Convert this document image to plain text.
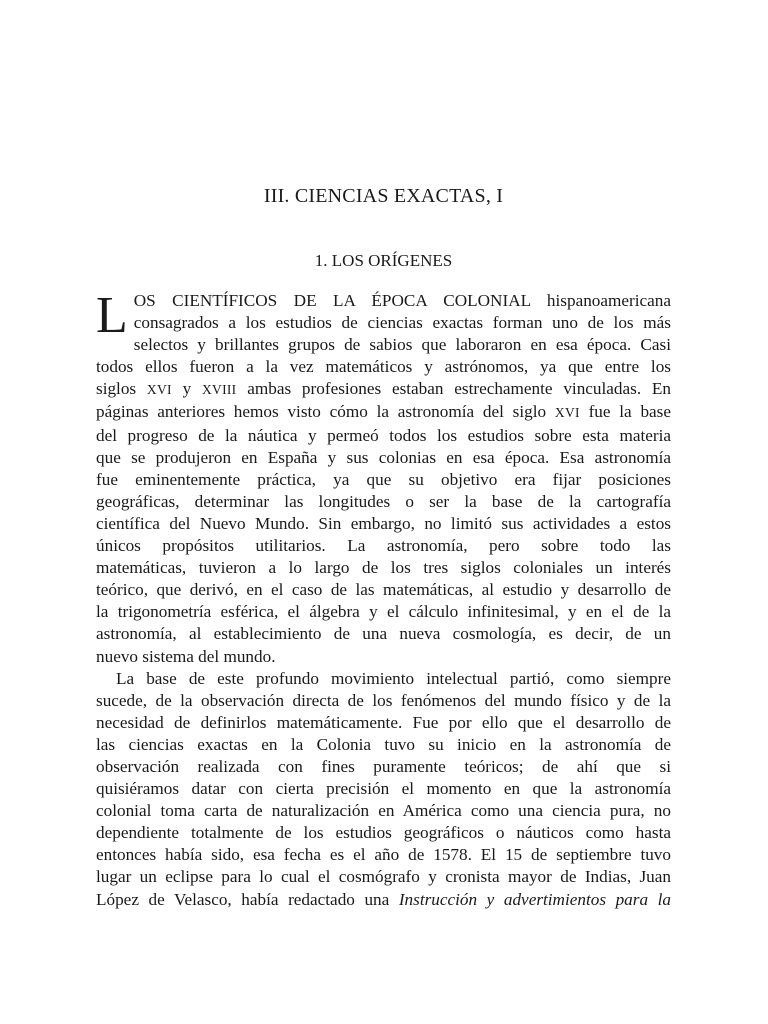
III. CIENCIAS EXACTAS, I
1. LOS ORÍGENES
L OS CIENTÍFICOS DE LA ÉPOCA COLONIAL hispanoamericana
consagrados a los estudios de ciencias exactas forman uno de los más
selectos y brillantes grupos de sabios que laboraron en esa época. Casi
todos ellos fueron a la vez matemáticos y astrónomos, ya que entre los
siglos XVI y XVIII ambas profesiones estaban estrechamente vinculadas. En
páginas anteriores hemos visto cómo la astronomía del siglo XVI fue la base
del progreso de la náutica y permeó todos los estudios sobre esta materia
que se produjeron en España y sus colonias en esa época. Esa astronomía
fue eminentemente práctica, ya que su objetivo era fijar posiciones
geográficas, determinar las longitudes o ser la base de la cartografía
científica del Nuevo Mundo. Sin embargo, no limitó sus actividades a estos
únicos propósitos utilitarios. La astronomía, pero sobre todo las
matemáticas, tuvieron a lo largo de los tres siglos coloniales un interés
teórico, que derivó, en el caso de las matemáticas, al estudio y desarrollo de
la trigonometría esférica, el álgebra y el cálculo infinitesimal, y en el de la
astronomía, al establecimiento de una nueva cosmología, es decir, de un
nuevo sistema del mundo.
La base de este profundo movimiento intelectual partió, como siempre
sucede, de la observación directa de los fenómenos del mundo físico y de la
necesidad de definirlos matemáticamente. Fue por ello que el desarrollo de
las ciencias exactas en la Colonia tuvo su inicio en la astronomía de
observación realizada con fines puramente teóricos; de ahí que si
quisiéramos datar con cierta precisión el momento en que la astronomía
colonial toma carta de naturalización en América como una ciencia pura, no
dependiente totalmente de los estudios geográficos o náuticos como hasta
entonces había sido, esa fecha es el año de 1578. El 15 de septiembre tuvo
lugar un eclipse para lo cual el cosmógrafo y cronista mayor de Indias, Juan
López de Velasco, había redactado una Instrucción y advertimientos para la
